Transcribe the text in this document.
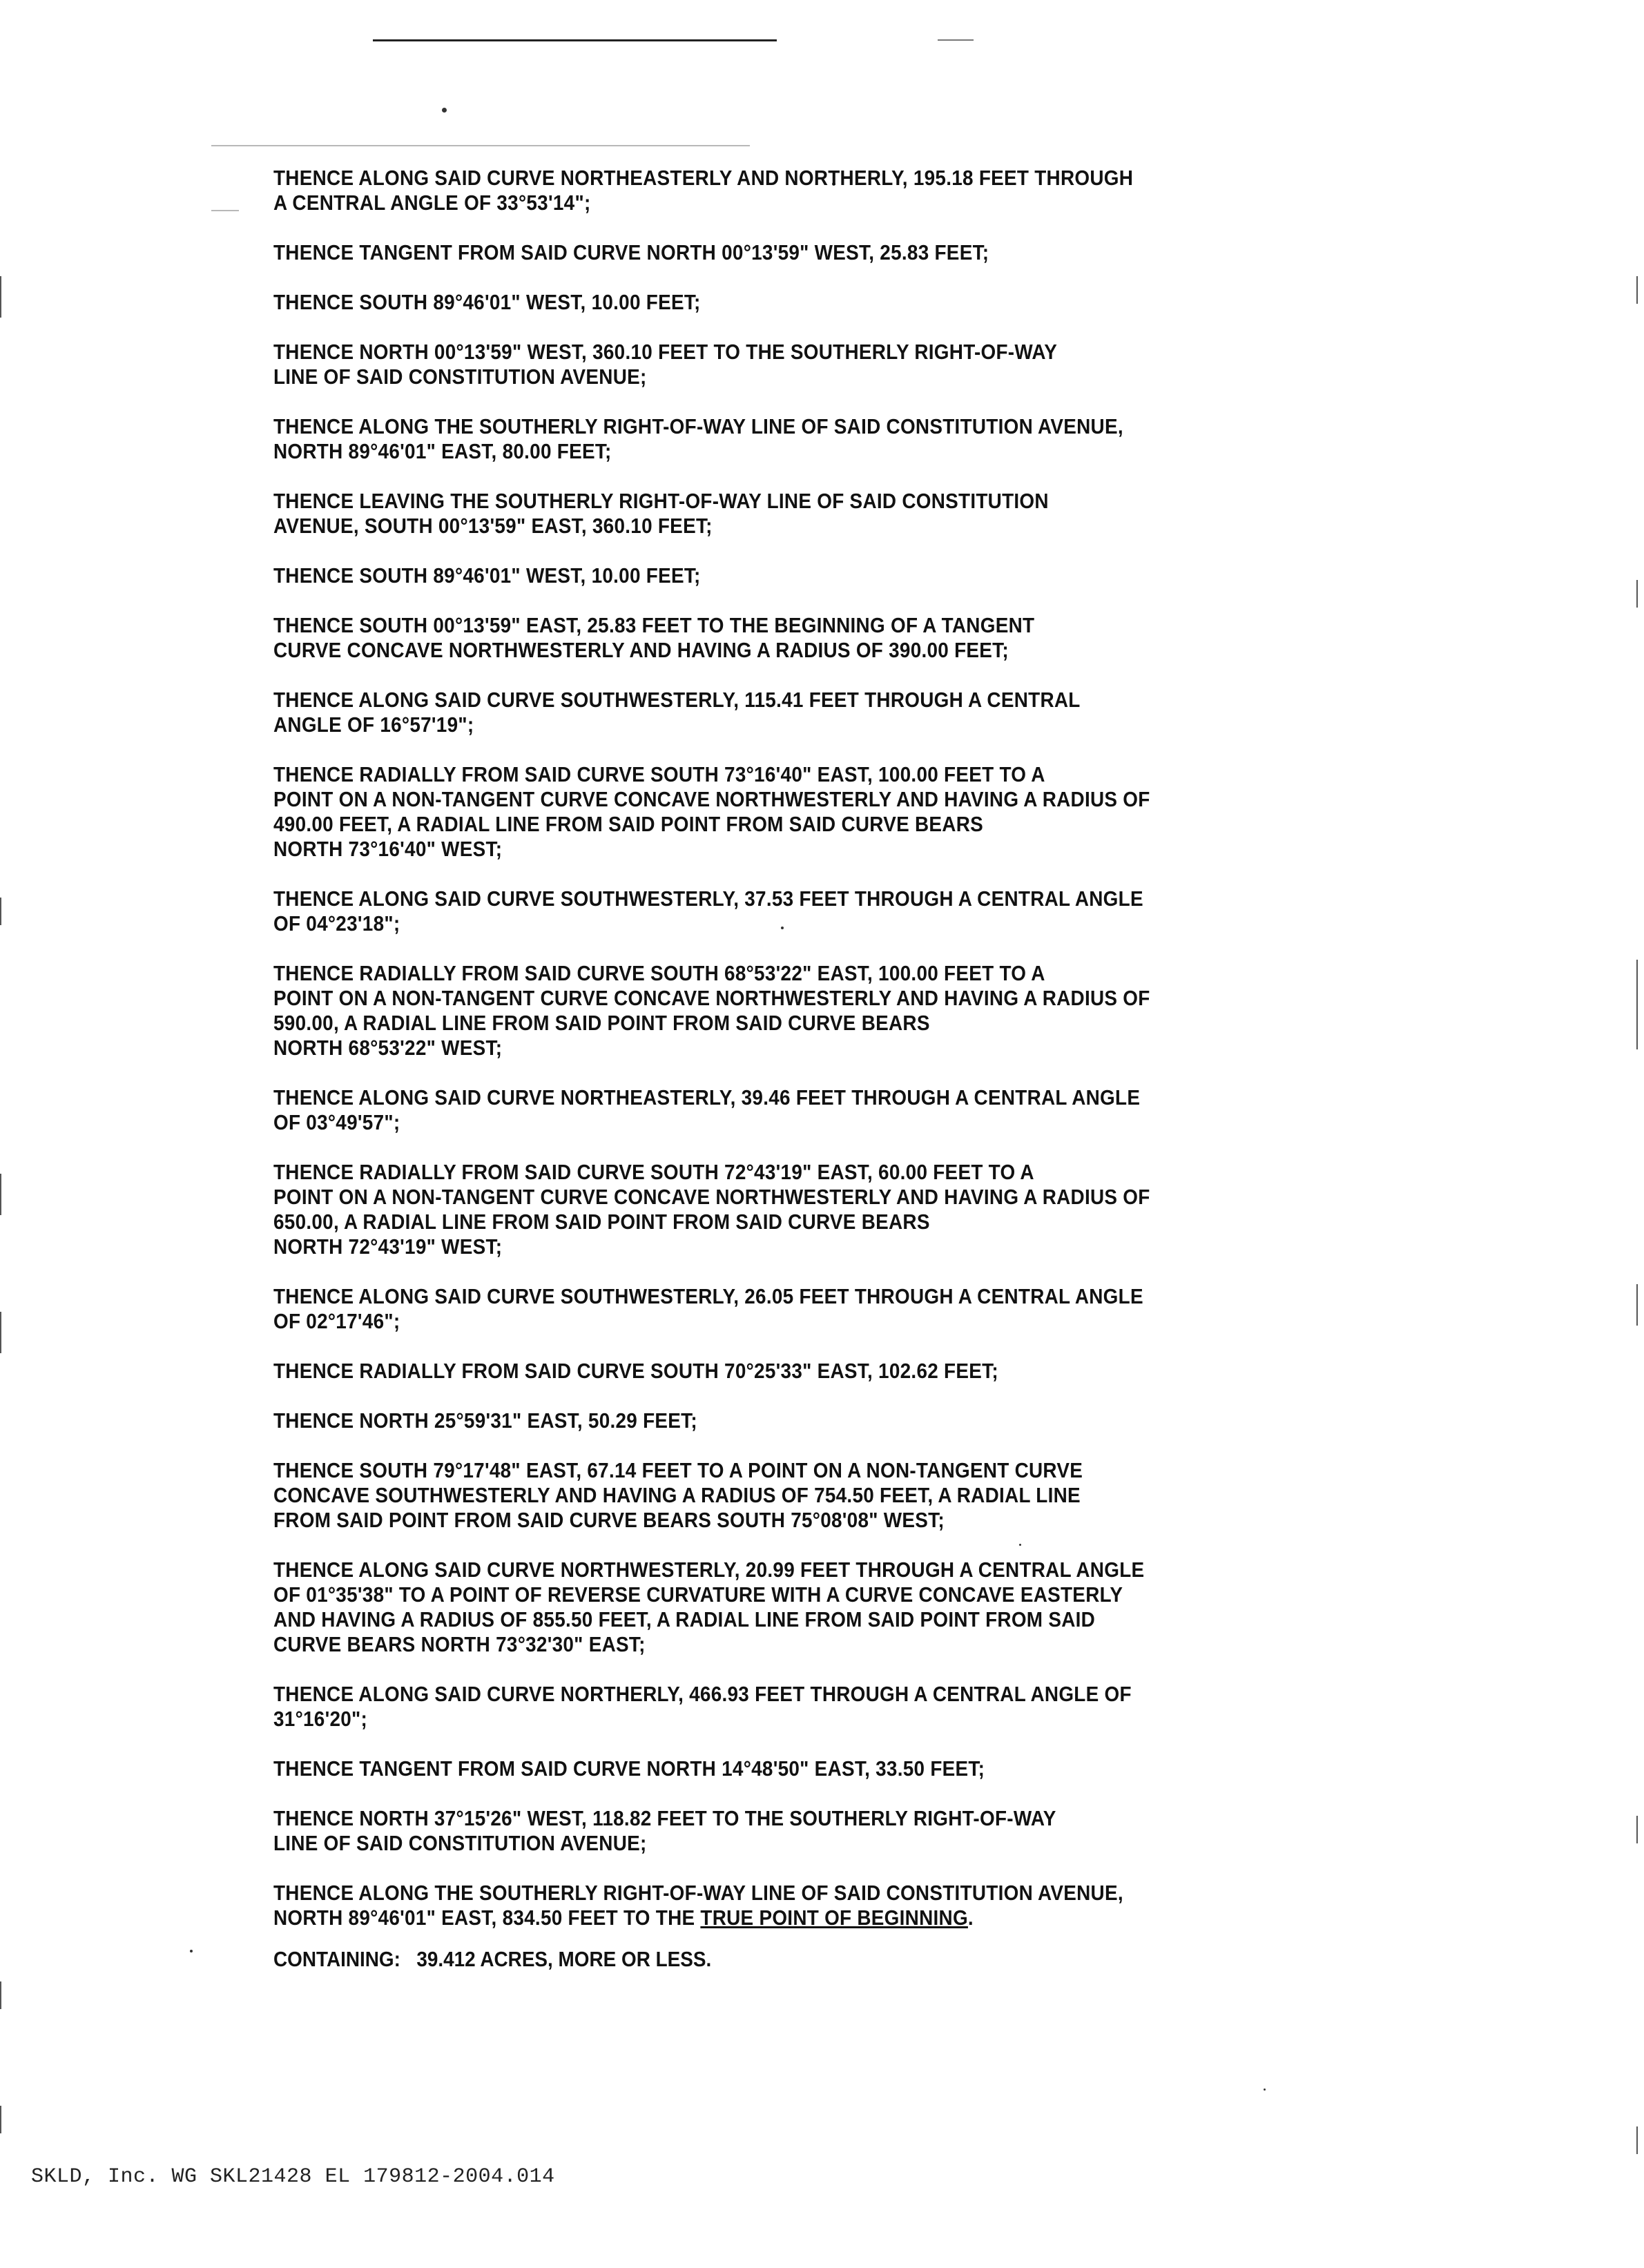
THENCE ALONG SAID CURVE NORTHEASTERLY AND NORTHERLY, 195.18 FEET THROUGH
A CENTRAL ANGLE OF 33°53'14";
THENCE TANGENT FROM SAID CURVE NORTH 00°13'59" WEST, 25.83 FEET;
THENCE SOUTH 89°46'01" WEST, 10.00 FEET;
THENCE NORTH 00°13'59" WEST, 360.10 FEET TO THE SOUTHERLY RIGHT-OF-WAY
LINE OF SAID CONSTITUTION AVENUE;
THENCE ALONG THE SOUTHERLY RIGHT-OF-WAY LINE OF SAID CONSTITUTION AVENUE,
NORTH 89°46'01" EAST, 80.00 FEET;
THENCE LEAVING THE SOUTHERLY RIGHT-OF-WAY LINE OF SAID CONSTITUTION
AVENUE, SOUTH 00°13'59" EAST, 360.10 FEET;
THENCE SOUTH 89°46'01" WEST, 10.00 FEET;
THENCE SOUTH 00°13'59" EAST, 25.83 FEET TO THE BEGINNING OF A TANGENT
CURVE CONCAVE NORTHWESTERLY AND HAVING A RADIUS OF 390.00 FEET;
THENCE ALONG SAID CURVE SOUTHWESTERLY, 115.41 FEET THROUGH A CENTRAL
ANGLE OF 16°57'19";
THENCE RADIALLY FROM SAID CURVE SOUTH 73°16'40" EAST, 100.00 FEET TO A
POINT ON A NON-TANGENT CURVE CONCAVE NORTHWESTERLY AND HAVING A RADIUS OF
490.00 FEET, A RADIAL LINE FROM SAID POINT FROM SAID CURVE BEARS
NORTH 73°16'40" WEST;
THENCE ALONG SAID CURVE SOUTHWESTERLY, 37.53 FEET THROUGH A CENTRAL ANGLE
OF 04°23'18";
THENCE RADIALLY FROM SAID CURVE SOUTH 68°53'22" EAST, 100.00 FEET TO A
POINT ON A NON-TANGENT CURVE CONCAVE NORTHWESTERLY AND HAVING A RADIUS OF
590.00, A RADIAL LINE FROM SAID POINT FROM SAID CURVE BEARS
NORTH 68°53'22" WEST;
THENCE ALONG SAID CURVE NORTHEASTERLY, 39.46 FEET THROUGH A CENTRAL ANGLE
OF 03°49'57";
THENCE RADIALLY FROM SAID CURVE SOUTH 72°43'19" EAST, 60.00 FEET TO A
POINT ON A NON-TANGENT CURVE CONCAVE NORTHWESTERLY AND HAVING A RADIUS OF
650.00, A RADIAL LINE FROM SAID POINT FROM SAID CURVE BEARS
NORTH 72°43'19" WEST;
THENCE ALONG SAID CURVE SOUTHWESTERLY, 26.05 FEET THROUGH A CENTRAL ANGLE
OF 02°17'46";
THENCE RADIALLY FROM SAID CURVE SOUTH 70°25'33" EAST, 102.62 FEET;
THENCE NORTH 25°59'31" EAST, 50.29 FEET;
THENCE SOUTH 79°17'48" EAST, 67.14 FEET TO A POINT ON A NON-TANGENT CURVE
CONCAVE SOUTHWESTERLY AND HAVING A RADIUS OF 754.50 FEET, A RADIAL LINE
FROM SAID POINT FROM SAID CURVE BEARS SOUTH 75°08'08" WEST;
THENCE ALONG SAID CURVE NORTHWESTERLY, 20.99 FEET THROUGH A CENTRAL ANGLE
OF 01°35'38" TO A POINT OF REVERSE CURVATURE WITH A CURVE CONCAVE EASTERLY
AND HAVING A RADIUS OF 855.50 FEET, A RADIAL LINE FROM SAID POINT FROM SAID
CURVE BEARS NORTH 73°32'30" EAST;
THENCE ALONG SAID CURVE NORTHERLY, 466.93 FEET THROUGH A CENTRAL ANGLE OF
31°16'20";
THENCE TANGENT FROM SAID CURVE NORTH 14°48'50" EAST, 33.50 FEET;
THENCE NORTH 37°15'26" WEST, 118.82 FEET TO THE SOUTHERLY RIGHT-OF-WAY
LINE OF SAID CONSTITUTION AVENUE;
THENCE ALONG THE SOUTHERLY RIGHT-OF-WAY LINE OF SAID CONSTITUTION AVENUE,
NORTH 89°46'01" EAST, 834.50 FEET TO THE TRUE POINT OF BEGINNING.
CONTAINING: 39.412 ACRES, MORE OR LESS.
SKLD, Inc. WG SKL21428 EL 179812-2004.014
